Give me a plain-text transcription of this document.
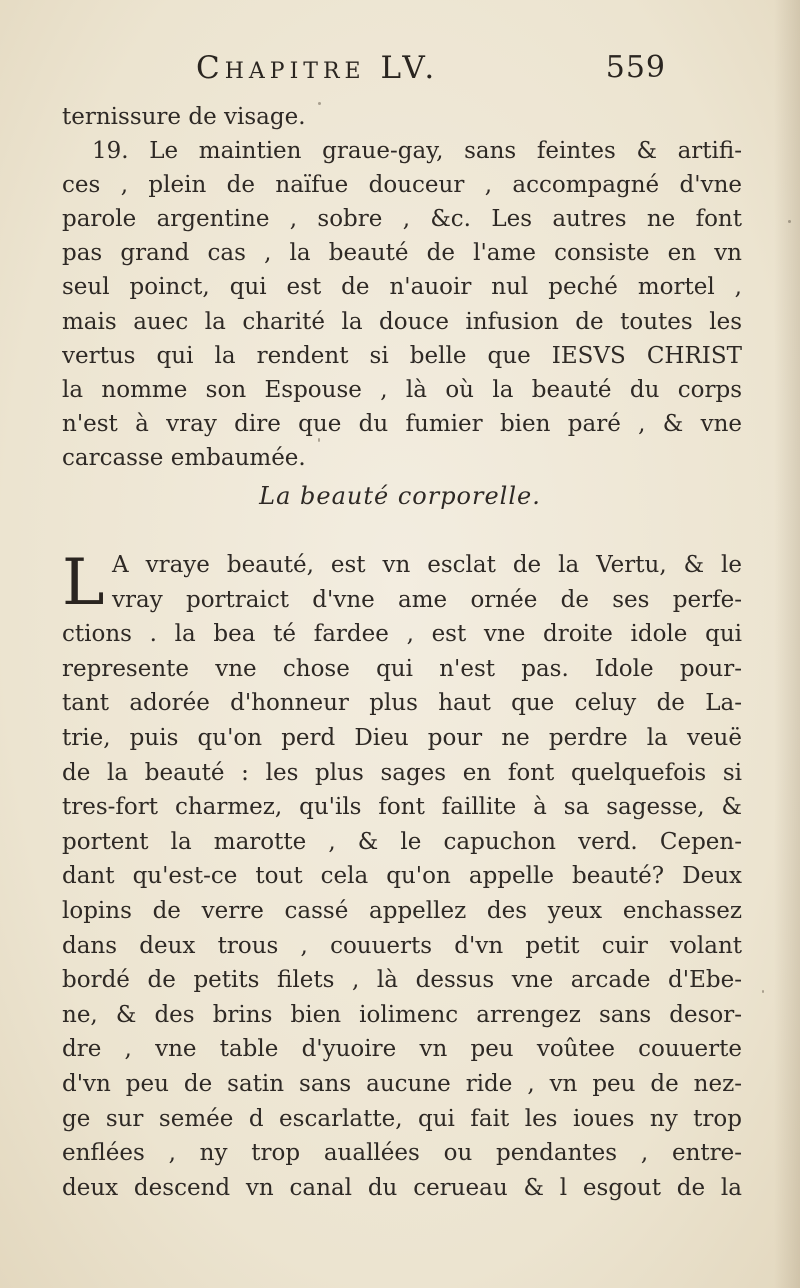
Chapitre LV.	559
ternissure de visage.
19. Le maintien graue-gay, sans feintes & artifi-
ces , plein de naïfue douceur , accompagné d'vne
parole argentine , sobre , &c. Les autres ne font
pas grand cas , la beauté de l'ame consiste en vn
seul poinct, qui est de n'auoir nul peché mortel ,
mais auec la charité la douce infusion de toutes les
vertus qui la rendent si belle que IESVS CHRIST
la nomme son Espouse , là où la beauté du corps
n'est à vray dire que du fumier bien paré , & vne
carcasse embaumée.
La beauté corporelle.
L A vraye beauté, est vn esclat de la Vertu, & le
vray portraict d'vne ame ornée de ses perfe-
ctions . la bea té fardee , est vne droite idole qui
represente vne chose qui n'est pas. Idole pour-
tant adorée d'honneur plus haut que celuy de La-
trie, puis qu'on perd Dieu pour ne perdre la veuë
de la beauté : les plus sages en font quelquefois si
tres-fort charmez, qu'ils font faillite à sa sagesse, &
portent la marotte , & le capuchon verd. Cepen-
dant qu'est-ce tout cela qu'on appelle beauté? Deux
lopins de verre cassé appellez des yeux enchassez
dans deux trous , couuerts d'vn petit cuir volant
bordé de petits filets , là dessus vne arcade d'Ebe-
ne, & des brins bien iolimenc arrengez sans desor-
dre , vne table d'yuoire vn peu voûtee couuerte
d'vn peu de satin sans aucune ride , vn peu de nez-
ge sur semée d escarlatte, qui fait les ioues ny trop
enflées , ny trop auallées ou pendantes , entre-
deux descend vn canal du cerueau & l esgout de la
